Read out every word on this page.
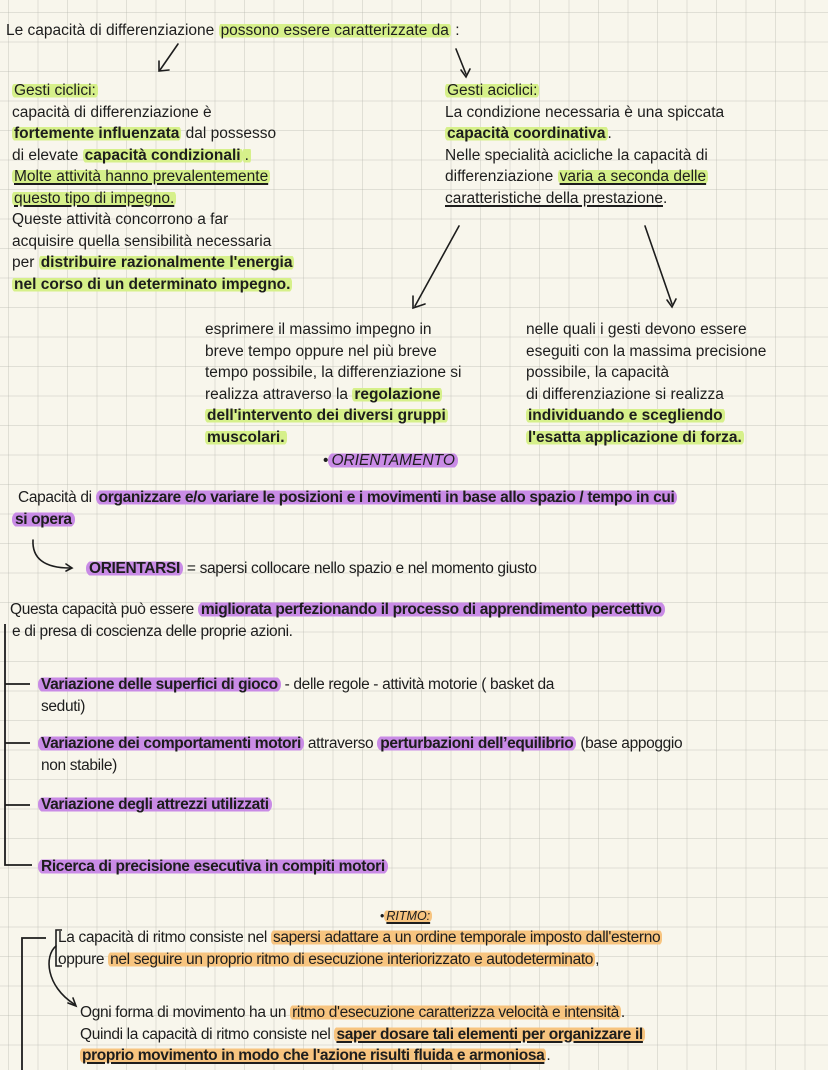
Le capacità di differenziazione possono essere caratterizzate da :
Gesti ciclici:
capacità di differenziazione è
fortemente influenzata dal possesso
di elevate capacità condizionali .
Molte attività hanno prevalentemente
questo tipo di impegno.
Queste attività concorrono a far
acquisire quella sensibilità necessaria
per distribuire razionalmente l'energia
nel corso di un determinato impegno.
Gesti aciclici:
La condizione necessaria è una spiccata
capacità coordinativa .
Nelle specialità acicliche la capacità di
differenziazione varia a seconda delle
caratteristiche della prestazione.
esprimere il massimo impegno in
breve tempo oppure nel più breve
tempo possibile, la differenziazione si
realizza attraverso la regolazione
dell'intervento dei diversi gruppi
muscolari.
nelle quali i gesti devono essere
eseguiti con la massima precisione
possibile, la capacità
di differenziazione si realizza
individuando e scegliendo
l'esatta applicazione di forza.
• ORIENTAMENTO
Capacità di organizzare e/o variare le posizioni e i movimenti in base allo spazio / tempo in cui
si opera
ORIENTARSI = sapersi collocare nello spazio e nel momento giusto
Questa capacità può essere migliorata perfezionando il processo di apprendimento percettivo
e di presa di coscienza delle proprie azioni.
Variazione delle superfici di gioco - delle regole - attività motorie ( basket da
seduti)
Variazione dei comportamenti motori attraverso perturbazioni dell’equilibrio (base appoggio
non stabile)
Variazione degli attrezzi utilizzati
Ricerca di precisione esecutiva in compiti motori
• RITMO:
La capacità di ritmo consiste nel sapersi adattare a un ordine temporale imposto dall'esterno
oppure nel seguire un proprio ritmo di esecuzione interiorizzato e autodeterminato ,
Ogni forma di movimento ha un ritmo d'esecuzione caratterizza velocità e intensità .
Quindi la capacità di ritmo consiste nel saper dosare tali elementi per organizzare il
proprio movimento in modo che l'azione risulti fluida e armoniosa .
